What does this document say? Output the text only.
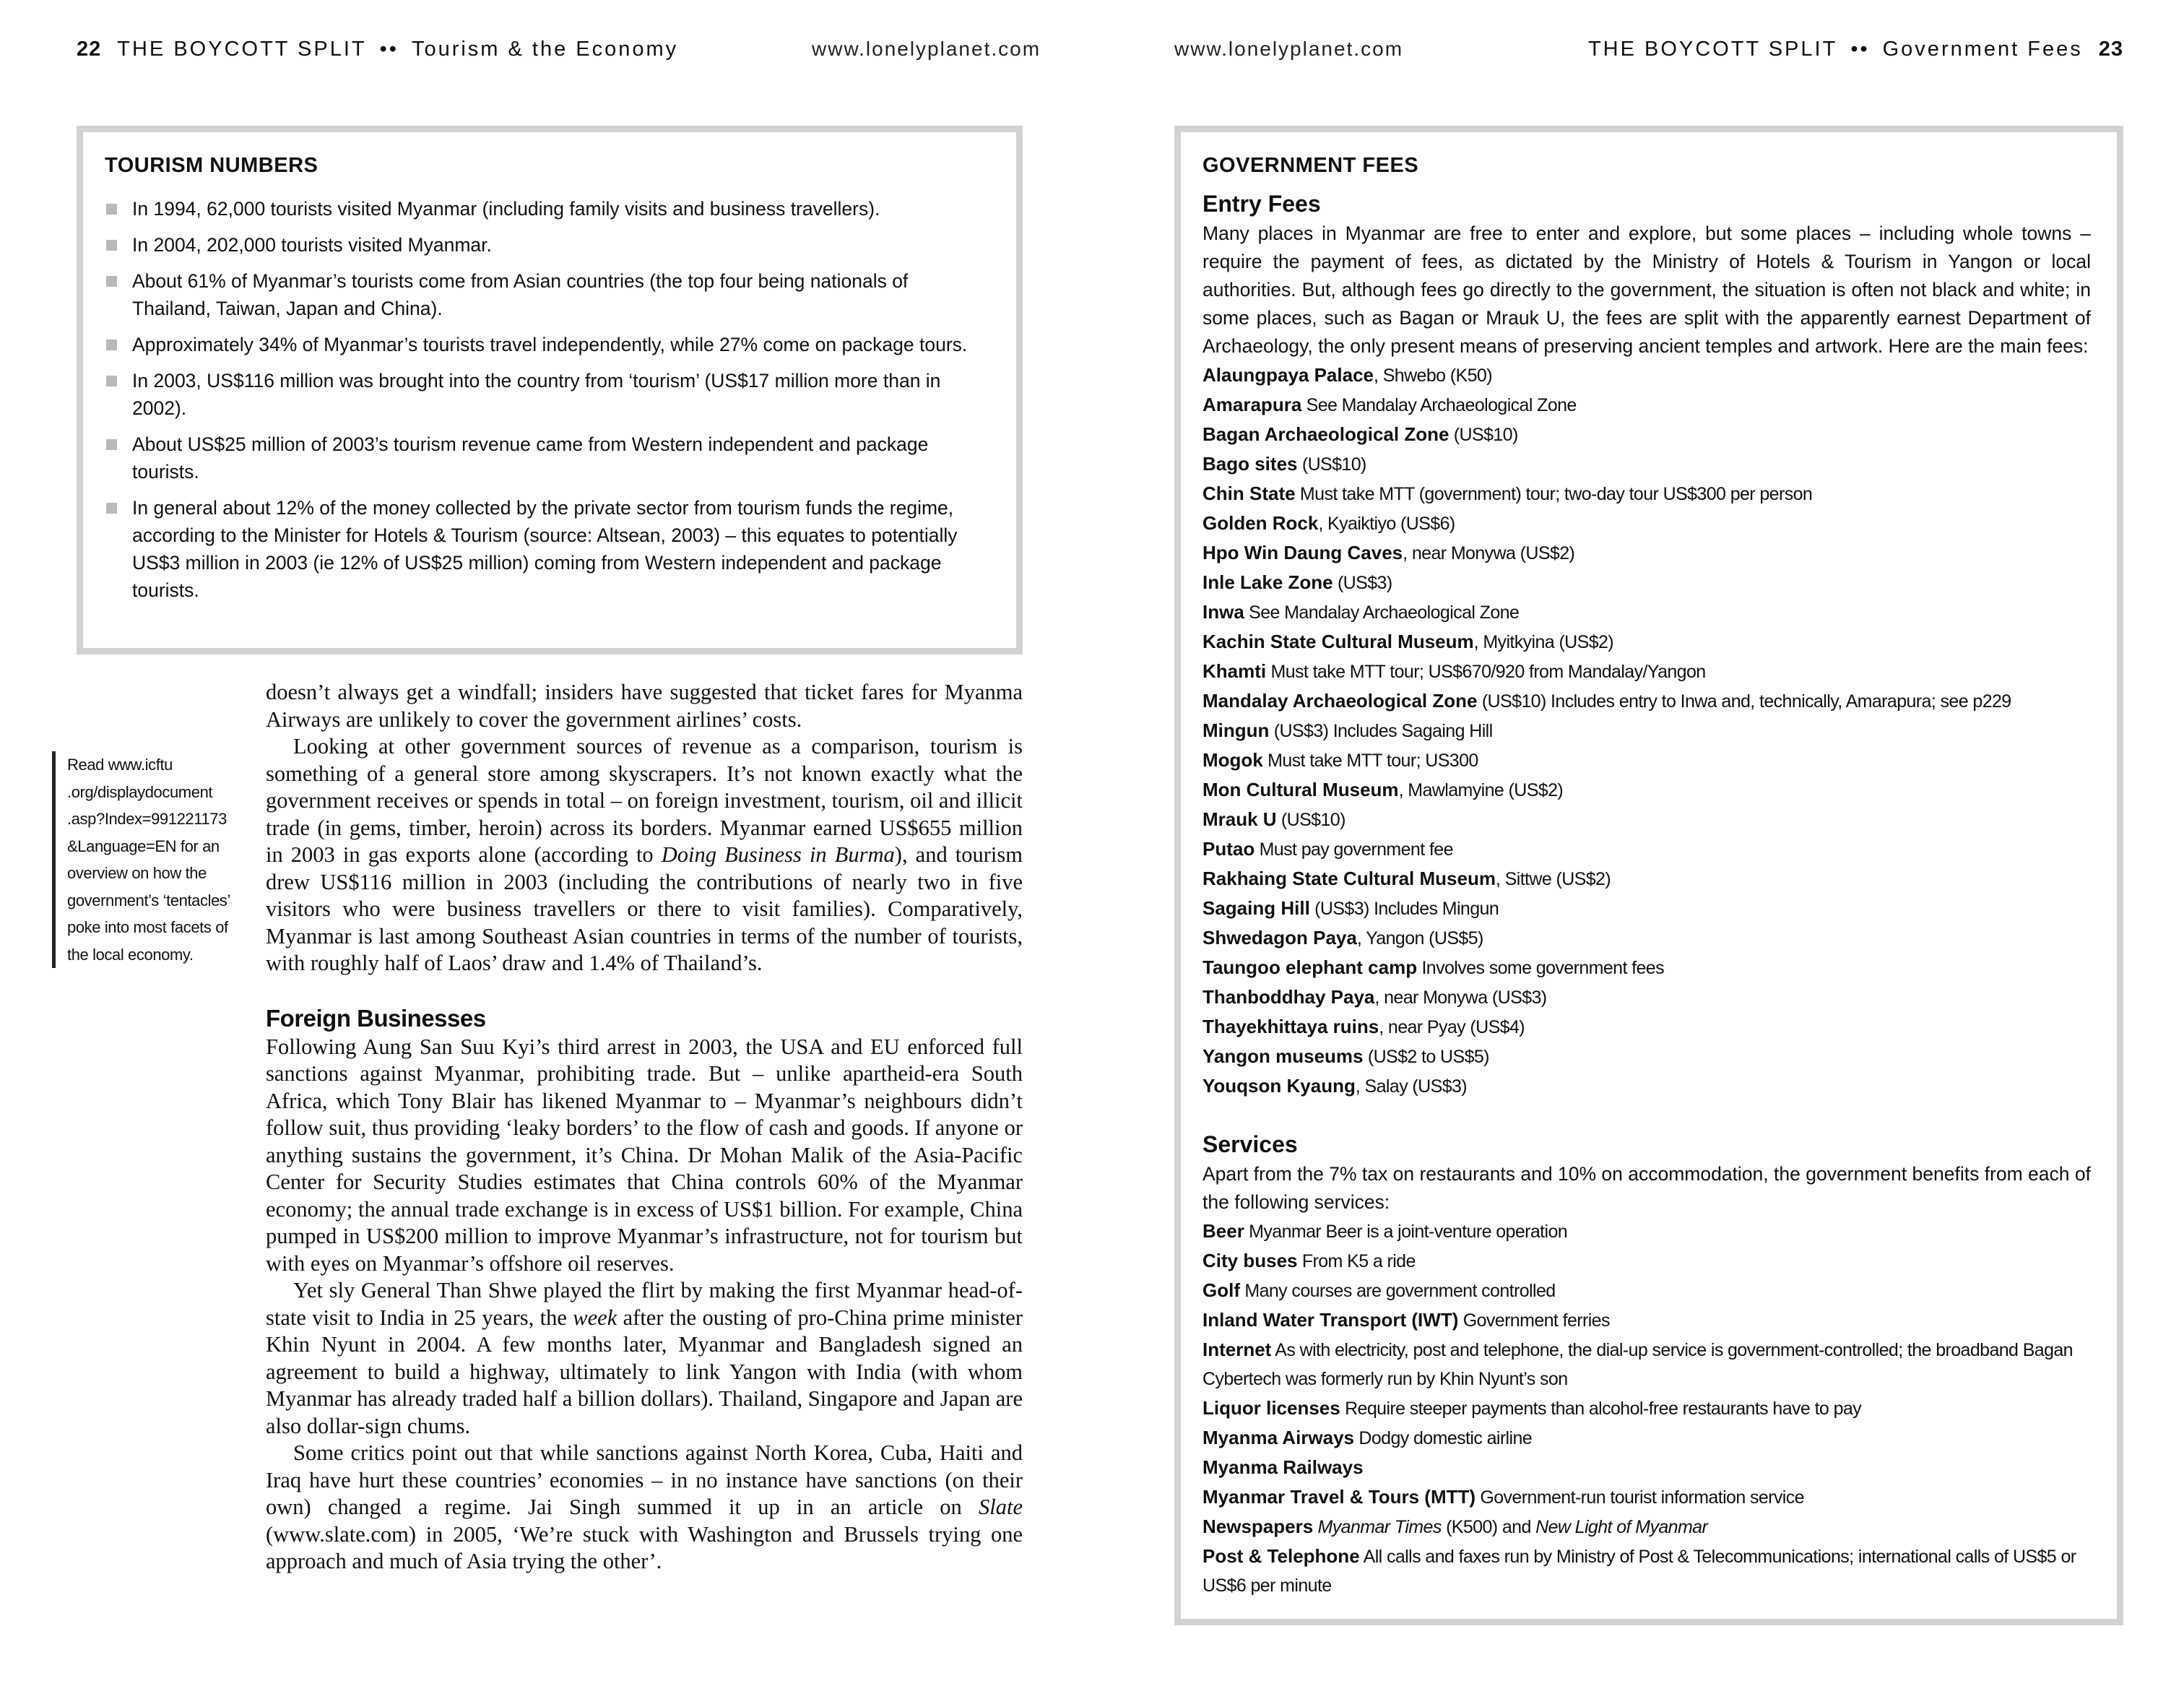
22 THE BOYCOTT SPLIT •• Tourism & the Economy	www.lonelyplanet.com	www.lonelyplanet.com	THE BOYCOTT SPLIT •• Government Fees 23
TOURISM NUMBERS
In 1994, 62,000 tourists visited Myanmar (including family visits and business travellers).
In 2004, 202,000 tourists visited Myanmar.
About 61% of Myanmar’s tourists come from Asian countries (the top four being nationals of Thailand, Taiwan, Japan and China).
Approximately 34% of Myanmar’s tourists travel independently, while 27% come on package tours.
In 2003, US$116 million was brought into the country from ‘tourism’ (US$17 million more than in 2002).
About US$25 million of 2003’s tourism revenue came from Western independent and package tourists.
In general about 12% of the money collected by the private sector from tourism funds the regime, according to the Minister for Hotels & Tourism (source: Altsean, 2003) – this equates to potentially US$3 million in 2003 (ie 12% of US$25 million) coming from Western independent and package tourists.
Read www.icftu
.org/displaydocument
.asp?Index=991221173
&Language=EN for an
overview on how the
government’s ‘tentacles’
poke into most facets of
the local economy.

doesn’t always get a windfall; insiders have suggested that ticket fares for Myanma Airways are unlikely to cover the government airlines’ costs.

Looking at other government sources of revenue as a comparison, tourism is something of a general store among skyscrapers. It’s not known exactly what the government receives or spends in total – on foreign investment, tourism, oil and illicit trade (in gems, timber, heroin) across its borders. Myanmar earned US$655 million in 2003 in gas exports alone (according to Doing Business in Burma), and tourism drew US$116 million in 2003 (including the contributions of nearly two in five visitors who were business travellers or there to visit families). Comparatively, Myanmar is last among Southeast Asian countries in terms of the number of tourists, with roughly half of Laos’ draw and 1.4% of Thailand’s.

Foreign Businesses

Following Aung San Suu Kyi’s third arrest in 2003, the USA and EU enforced full sanctions against Myanmar, prohibiting trade. But – unlike apartheid-era South Africa, which Tony Blair has likened Myanmar to – Myanmar’s neighbours didn’t follow suit, thus providing ‘leaky borders’ to the flow of cash and goods. If anyone or anything sustains the government, it’s China. Dr Mohan Malik of the Asia-Pacific Center for Security Studies estimates that China controls 60% of the Myanmar economy; the annual trade exchange is in excess of US$1 billion. For example, China pumped in US$200 million to improve Myanmar’s infrastructure, not for tourism but with eyes on Myanmar’s offshore oil reserves.

Yet sly General Than Shwe played the flirt by making the first Myanmar head-of-state visit to India in 25 years, the week after the ousting of pro-China prime minister Khin Nyunt in 2004. A few months later, Myanmar and Bangladesh signed an agreement to build a highway, ultimately to link Yangon with India (with whom Myanmar has already traded half a billion dollars). Thailand, Singapore and Japan are also dollar-sign chums.

Some critics point out that while sanctions against North Korea, Cuba, Haiti and Iraq have hurt these countries’ economies – in no instance have sanctions (on their own) changed a regime. Jai Singh summed it up in an article on Slate (www.slate.com) in 2005, ‘We’re stuck with Washington and Brussels trying one approach and much of Asia trying the other’.

GOVERNMENT FEES
Entry Fees

Many places in Myanmar are free to enter and explore, but some places – including whole towns – require the payment of fees, as dictated by the Ministry of Hotels & Tourism in Yangon or local authorities. But, although fees go directly to the government, the situation is often not black and white; in some places, such as Bagan or Mrauk U, the fees are split with the apparently earnest Department of Archaeology, the only present means of preserving ancient temples and artwork. Here are the main fees:

Alaungpaya Palace, Shwebo (K50)
Amarapura See Mandalay Archaeological Zone
Bagan Archaeological Zone (US$10)
Bago sites (US$10)
Chin State Must take MTT (government) tour; two-day tour US$300 per person
Golden Rock, Kyaiktiyo (US$6)
Hpo Win Daung Caves, near Monywa (US$2)
Inle Lake Zone (US$3)
Inwa See Mandalay Archaeological Zone
Kachin State Cultural Museum, Myitkyina (US$2)
Khamti Must take MTT tour; US$670/920 from Mandalay/Yangon
Mandalay Archaeological Zone (US$10) Includes entry to Inwa and, technically, Amarapura; see p229
Mingun (US$3) Includes Sagaing Hill
Mogok Must take MTT tour; US300
Mon Cultural Museum, Mawlamyine (US$2)
Mrauk U (US$10)
Putao Must pay government fee
Rakhaing State Cultural Museum, Sittwe (US$2)
Sagaing Hill (US$3) Includes Mingun
Shwedagon Paya, Yangon (US$5)
Taungoo elephant camp Involves some government fees
Thanboddhay Paya, near Monywa (US$3)
Thayekhittaya ruins, near Pyay (US$4)
Yangon museums (US$2 to US$5)
Youqson Kyaung, Salay (US$3)
Services

Apart from the 7% tax on restaurants and 10% on accommodation, the government benefits from each of the following services:

Beer Myanmar Beer is a joint-venture operation
City buses From K5 a ride
Golf Many courses are government controlled
Inland Water Transport (IWT) Government ferries
Internet As with electricity, post and telephone, the dial-up service is government-controlled; the broadband Bagan Cybertech was formerly run by Khin Nyunt’s son
Liquor licenses Require steeper payments than alcohol-free restaurants have to pay
Myanma Airways Dodgy domestic airline
Myanma Railways
Myanmar Travel & Tours (MTT) Government-run tourist information service
Newspapers Myanmar Times (K500) and New Light of Myanmar
Post & Telephone All calls and faxes run by Ministry of Post & Telecommunications; international calls of US$5 or US$6 per minute
